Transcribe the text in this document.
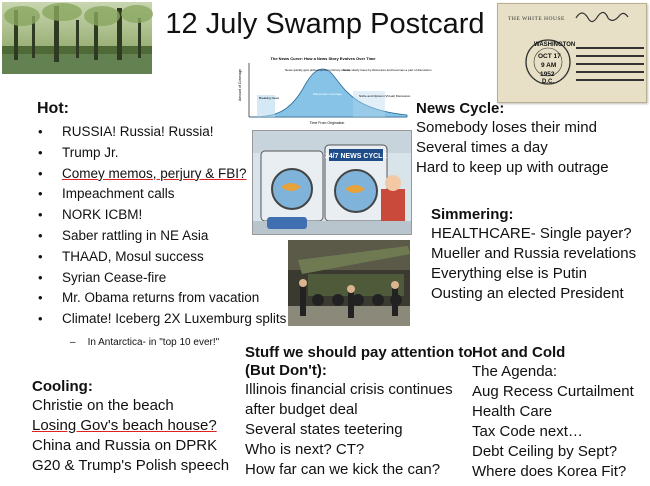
12 July Swamp Postcard	THE WHITE HOUSE
WASHINGTON
OCT 17
9 AM
1952
D.C.
The News Curve: How a News Story Evolves Over Time
Amount of Coverage
Time From Origination
Breaking News
News quickly gets picked up from primary source
Mainstream coverage
News slowly loses by kilometres and becomes a part of discussion
Niche and Opinion (Virtual) Discussion
24/7 NEWS CYCLE
Hot:
• RUSSIA! Russia! Russia!
• Trump Jr.
• Comey memos, perjury & FBI?
• Impeachment calls
• NORK ICBM!
• Saber rattling in NE Asia
• THAAD, Mosul success
• Syrian Cease-fire
• Mr. Obama returns from vacation
• Climate! Iceberg 2X Luxemburg splits
– In Antarctica- in "top 10 ever!"
News Cycle:
Somebody loses their mind
Several times a day
Hard to keep up with outrage
Simmering:
HEALTHCARE- Single payer?
Mueller and Russia revelations
Everything else is Putin
Ousting an elected President
Stuff we should pay attention to
(But Don't):
Illinois financial crisis continues
after budget deal
Several states teetering
Who is next? CT?
How far can we kick the can?
Hot and Cold
The Agenda:
Aug Recess Curtailment
Health Care
Tax Code next…
Debt Ceiling by Sept?
Where does Korea Fit?
Cooling:
Christie on the beach
Losing Gov's beach house?
China and Russia on DPRK
G20 & Trump's Polish speech
